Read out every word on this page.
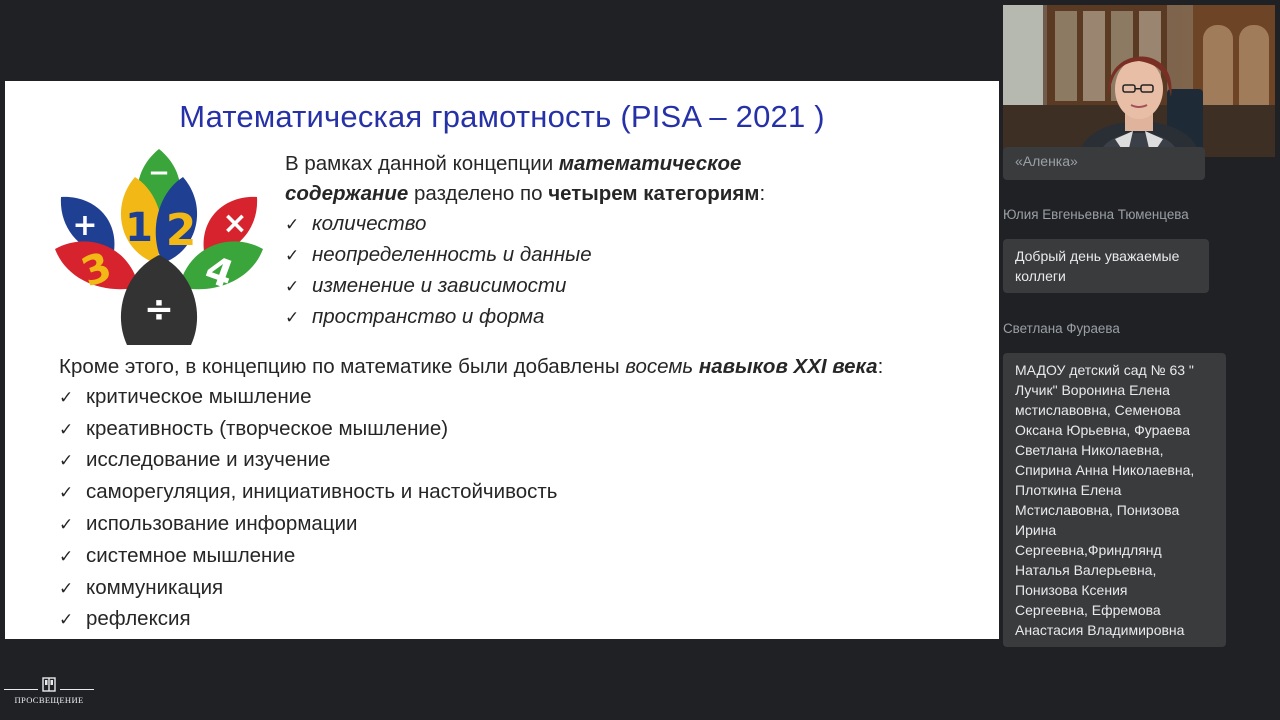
Математическая грамотность (PISA – 2021 )
−
+	×
1 2
3 4
÷

В рамках данной концепции математическое

содержание разделено по четырем категориям:

✓ количество
✓ неопределенность и данные
✓ изменение и зависимости
✓ пространство и форма

Кроме этого, в концепцию по математике были добавлены восемь навыков XXI века:

✓ критическое мышление
✓ креативность (творческое мышление)
✓ исследование и изучение
✓ саморегуляция, инициативность и настойчивость
✓ использование информации
✓ системное мышление
✓ коммуникация
✓ рефлексия
ПРОСВЕЩЕНИЕ
«Аленка»
Юлия Евгеньевна Тюменцева
Добрый день уважаемые
коллеги
Светлана Фураева
МАДОУ детский сад № 63 "
Лучик" Воронина Елена
мстиславовна, Семенова
Оксана Юрьевна, Фураева
Светлана Николаевна,
Спирина Анна Николаевна,
Плоткина Елена
Мстиславовна, Понизова
Ирина
Сергеевна,Фриндлянд
Наталья Валерьевна,
Понизова Ксения
Сергеевна, Ефремова
Анастасия Владимировна
